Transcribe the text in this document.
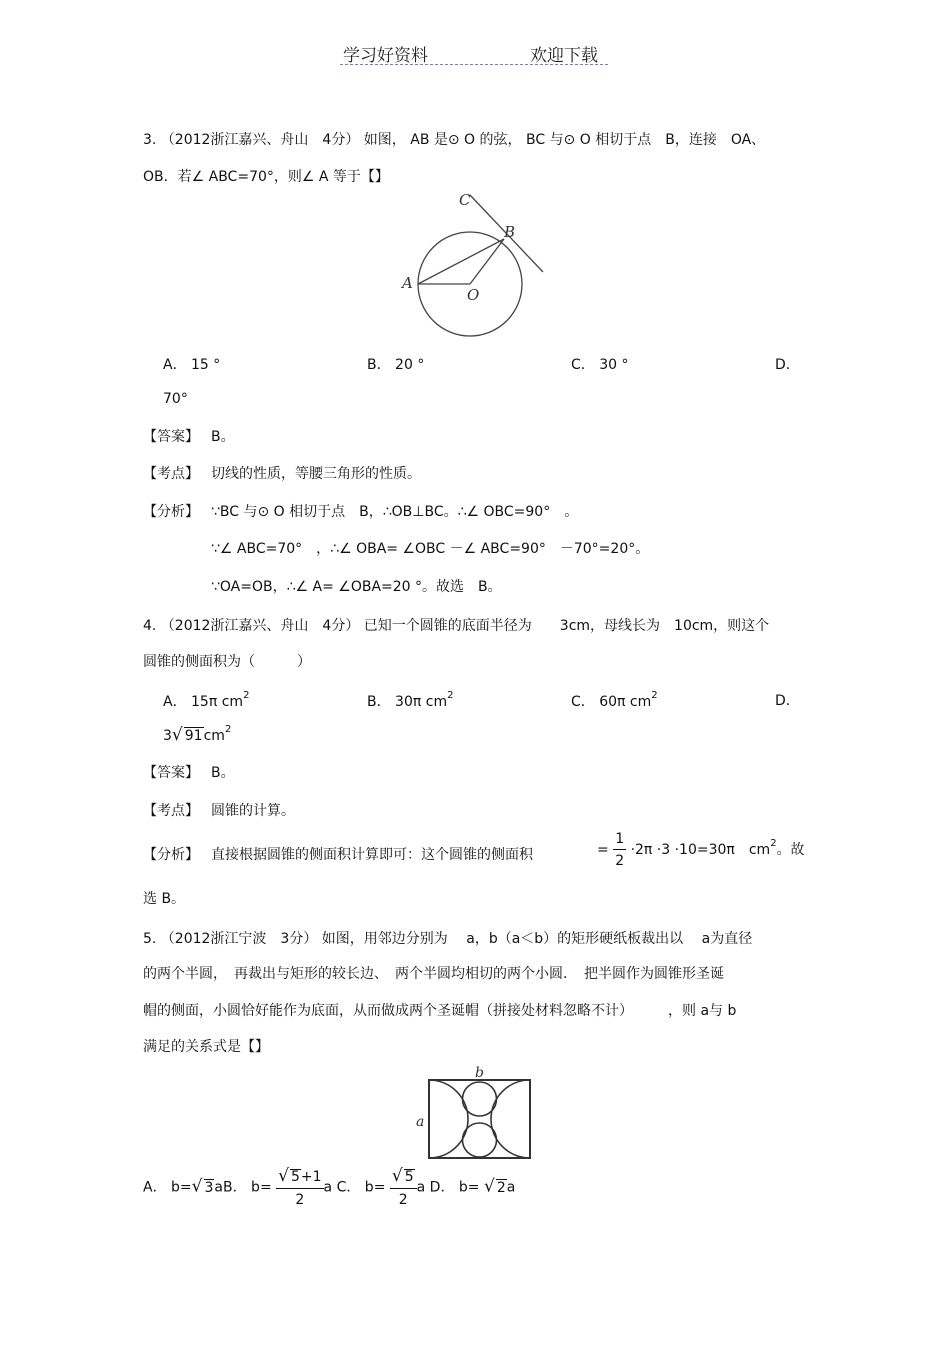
学习好资料	欢迎下载
3. （2012浙江嘉兴、舟山　4分） 如图， AB 是⊙ O 的弦， BC 与⊙ O 相切于点　B，连接　OA、
OB．若∠ ABC=70°，则∠ A 等于【】
C
B
A
O
A． 15 °	B． 20 °	C． 30 °	D．
70°
【答案】 B。
【考点】 切线的性质，等腰三角形的性质。
【分析】 ∵BC 与⊙ O 相切于点　B，∴OB⊥BC。∴∠ OBC=90°　。
∵∠ ABC=70°　，∴∠ OBA= ∠OBC －∠ ABC=90°　－70°=20°。
∵OA=OB，∴∠ A= ∠OBA=20 °。故选　B。
4. （2012浙江嘉兴、舟山　4分） 已知一个圆锥的底面半径为　　3cm，母线长为　10cm，则这个
圆锥的侧面积为（　　　）
A． 15π $cm^2$	B． 30π $cm^2$	C． 60π $cm^2$	D．
3√ $91cm^2$
【答案】 B。
【考点】 圆锥的计算。
【分析】 直接根据圆锥的侧面积计算即可：这个圆锥的侧面积	= $\frac{1}{2} \cdot 2\pi \cdot 3 \cdot 10=30\pi$　$cm^2$。故
选 B。
5. （2012浙江宁波　3分） 如图，用邻边分别为　 a，b（a＜b）的矩形硬纸板裁出以　 a为直径
的两个半圆，　再裁出与矩形的较长边、　两个半圆均相切的两个小圆．　把半圆作为圆锥形圣诞
帽的侧面，小圆恰好能作为底面，从而做成两个圣诞帽（拼接处材料忽略不计）　　　，则 a与 b
满足的关系式是【】
b
a
A． b=√ 3aB． $b= \frac{√ 5+1}{2}$ a C． $b= \frac{√ 5}{2}$ a D． b= √ 2a
